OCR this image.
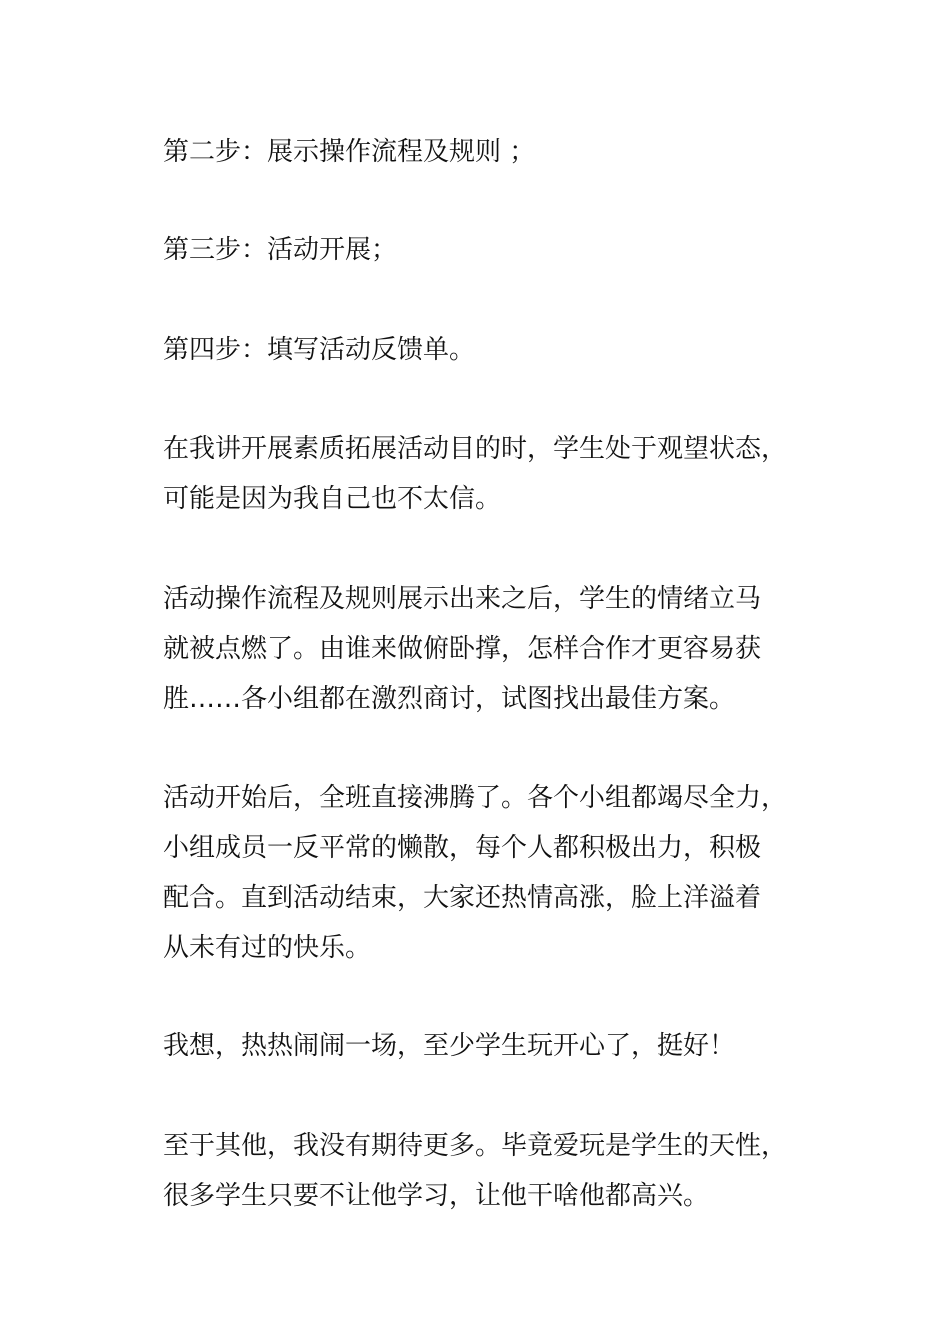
第二步：展示操作流程及规则 ；

第三步：活动开展；

第四步：填写活动反馈单。

在我讲开展素质拓展活动目的时，学生处于观望状态，
可能是因为我自己也不太信。

活动操作流程及规则展示出来之后，学生的情绪立马
就被点燃了。由谁来做俯卧撑，怎样合作才更容易获
胜……各小组都在激烈商讨，试图找出最佳方案。

活动开始后，全班直接沸腾了。各个小组都竭尽全力，
小组成员一反平常的懒散，每个人都积极出力，积极
配合。直到活动结束，大家还热情高涨，脸上洋溢着
从未有过的快乐。

我想，热热闹闹一场，至少学生玩开心了，挺好！

至于其他，我没有期待更多。毕竟爱玩是学生的天性，
很多学生只要不让他学习，让他干啥他都高兴。
